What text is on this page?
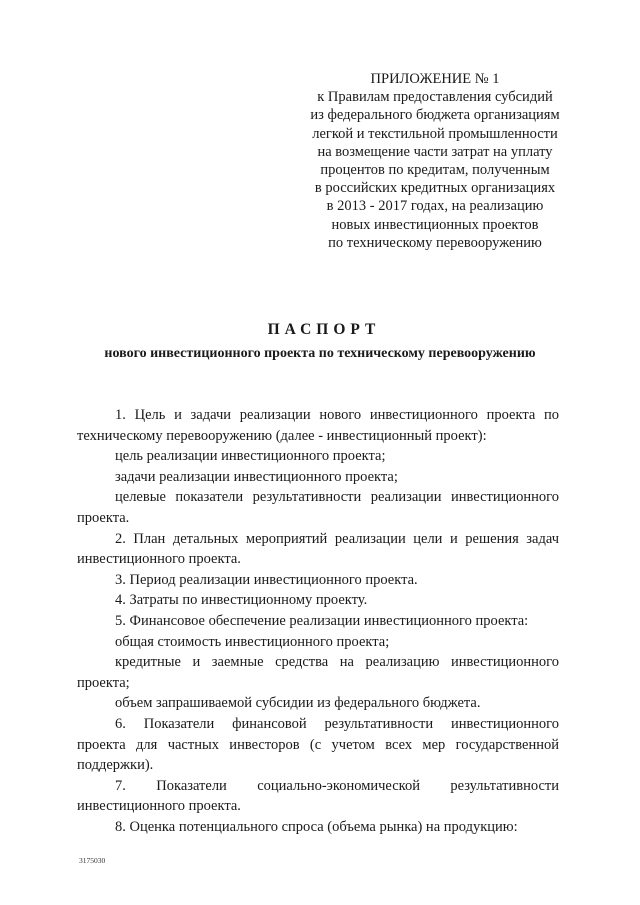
ПРИЛОЖЕНИЕ № 1
к Правилам предоставления субсидий
из федерального бюджета организациям
легкой и текстильной промышленности
на возмещение части затрат на уплату
процентов по кредитам, полученным
в российских кредитных организациях
в 2013 - 2017 годах, на реализацию
новых инвестиционных проектов
по техническому перевооружению
ПАСПОРТ
нового инвестиционного проекта по техническому перевооружению

1. Цель и задачи реализации нового инвестиционного проекта по

техническому перевооружению (далее - инвестиционный проект):

цель реализации инвестиционного проекта;

задачи реализации инвестиционного проекта;

целевые показатели результативности реализации инвестиционного

проекта.

2. План детальных мероприятий реализации цели и решения задач

инвестиционного проекта.

3. Период реализации инвестиционного проекта.

4. Затраты по инвестиционному проекту.

5. Финансовое обеспечение реализации инвестиционного проекта:

общая стоимость инвестиционного проекта;

кредитные и заемные средства на реализацию инвестиционного

проекта;

объем запрашиваемой субсидии из федерального бюджета.

6. Показатели финансовой результативности инвестиционного

проекта для частных инвесторов (с учетом всех мер государственной

поддержки).

7. Показатели социально-экономической результативности

инвестиционного проекта.

8. Оценка потенциального спроса (объема рынка) на продукцию:

3175030
